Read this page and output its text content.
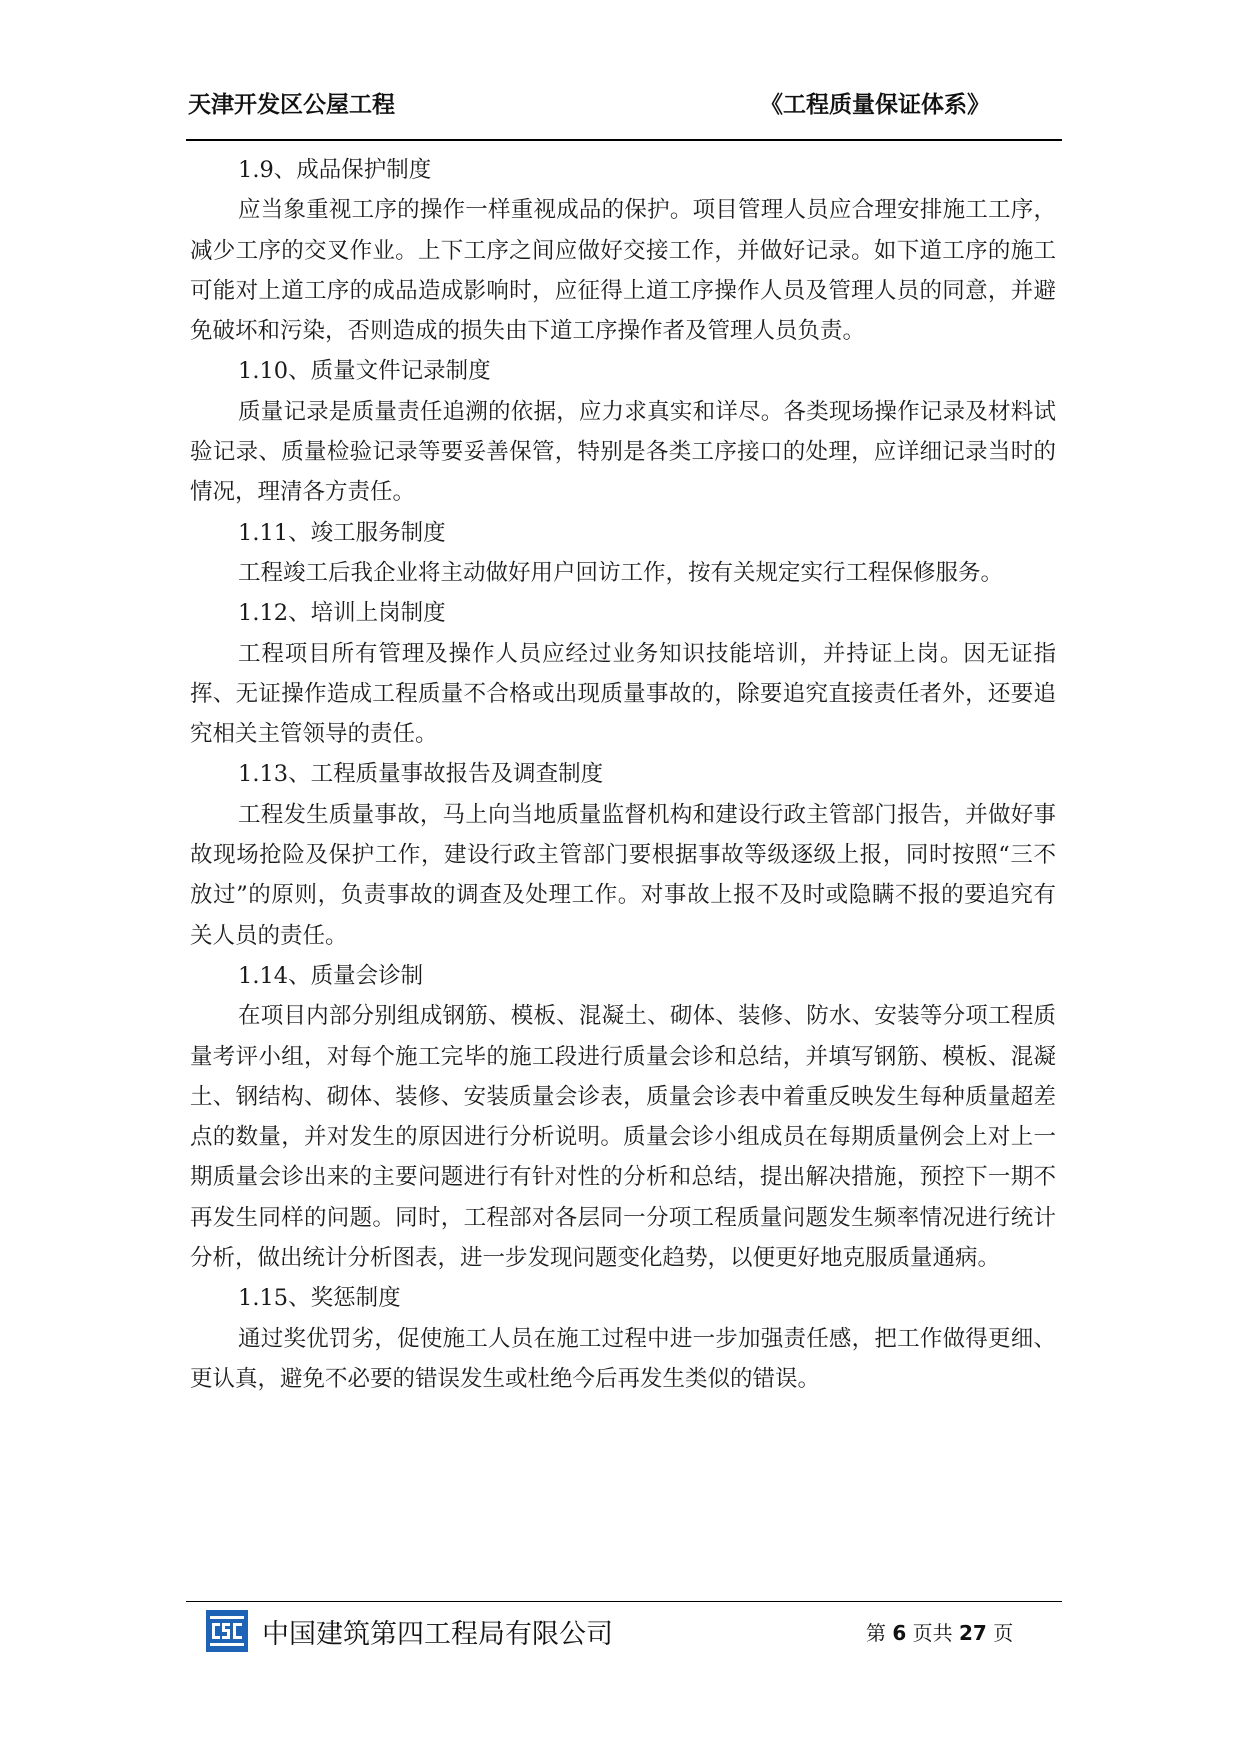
天津开发区公屋工程	《工程质量保证体系》

1.9、成品保护制度

应当象重视工序的操作一样重视成品的保护。项目管理人员应合理安排施工工序，减少工序的交叉作业。上下工序之间应做好交接工作，并做好记录。如下道工序的施工可能对上道工序的成品造成影响时，应征得上道工序操作人员及管理人员的同意，并避免破坏和污染，否则造成的损失由下道工序操作者及管理人员负责。

1.10、质量文件记录制度

质量记录是质量责任追溯的依据，应力求真实和详尽。各类现场操作记录及材料试验记录、质量检验记录等要妥善保管，特别是各类工序接口的处理，应详细记录当时的情况，理清各方责任。

1.11、竣工服务制度

工程竣工后我企业将主动做好用户回访工作，按有关规定实行工程保修服务。

1.12、培训上岗制度

工程项目所有管理及操作人员应经过业务知识技能培训，并持证上岗。因无证指挥、无证操作造成工程质量不合格或出现质量事故的，除要追究直接责任者外，还要追究相关主管领导的责任。

1.13、工程质量事故报告及调查制度

工程发生质量事故，马上向当地质量监督机构和建设行政主管部门报告，并做好事故现场抢险及保护工作，建设行政主管部门要根据事故等级逐级上报，同时按照“三不放过”的原则，负责事故的调查及处理工作。对事故上报不及时或隐瞒不报的要追究有关人员的责任。

1.14、质量会诊制

在项目内部分别组成钢筋、模板、混凝土、砌体、装修、防水、安装等分项工程质量考评小组，对每个施工完毕的施工段进行质量会诊和总结，并填写钢筋、模板、混凝土、钢结构、砌体、装修、安装质量会诊表，质量会诊表中着重反映发生每种质量超差点的数量，并对发生的原因进行分析说明。质量会诊小组成员在每期质量例会上对上一期质量会诊出来的主要问题进行有针对性的分析和总结，提出解决措施，预控下一期不再发生同样的问题。同时，工程部对各层同一分项工程质量问题发生频率情况进行统计分析，做出统计分析图表，进一步发现问题变化趋势，以便更好地克服质量通病。

1.15、奖惩制度

通过奖优罚劣，促使施工人员在施工过程中进一步加强责任感，把工作做得更细、更认真，避免不必要的错误发生或杜绝今后再发生类似的错误。

中国建筑第四工程局有限公司	第 6 页共 27 页
